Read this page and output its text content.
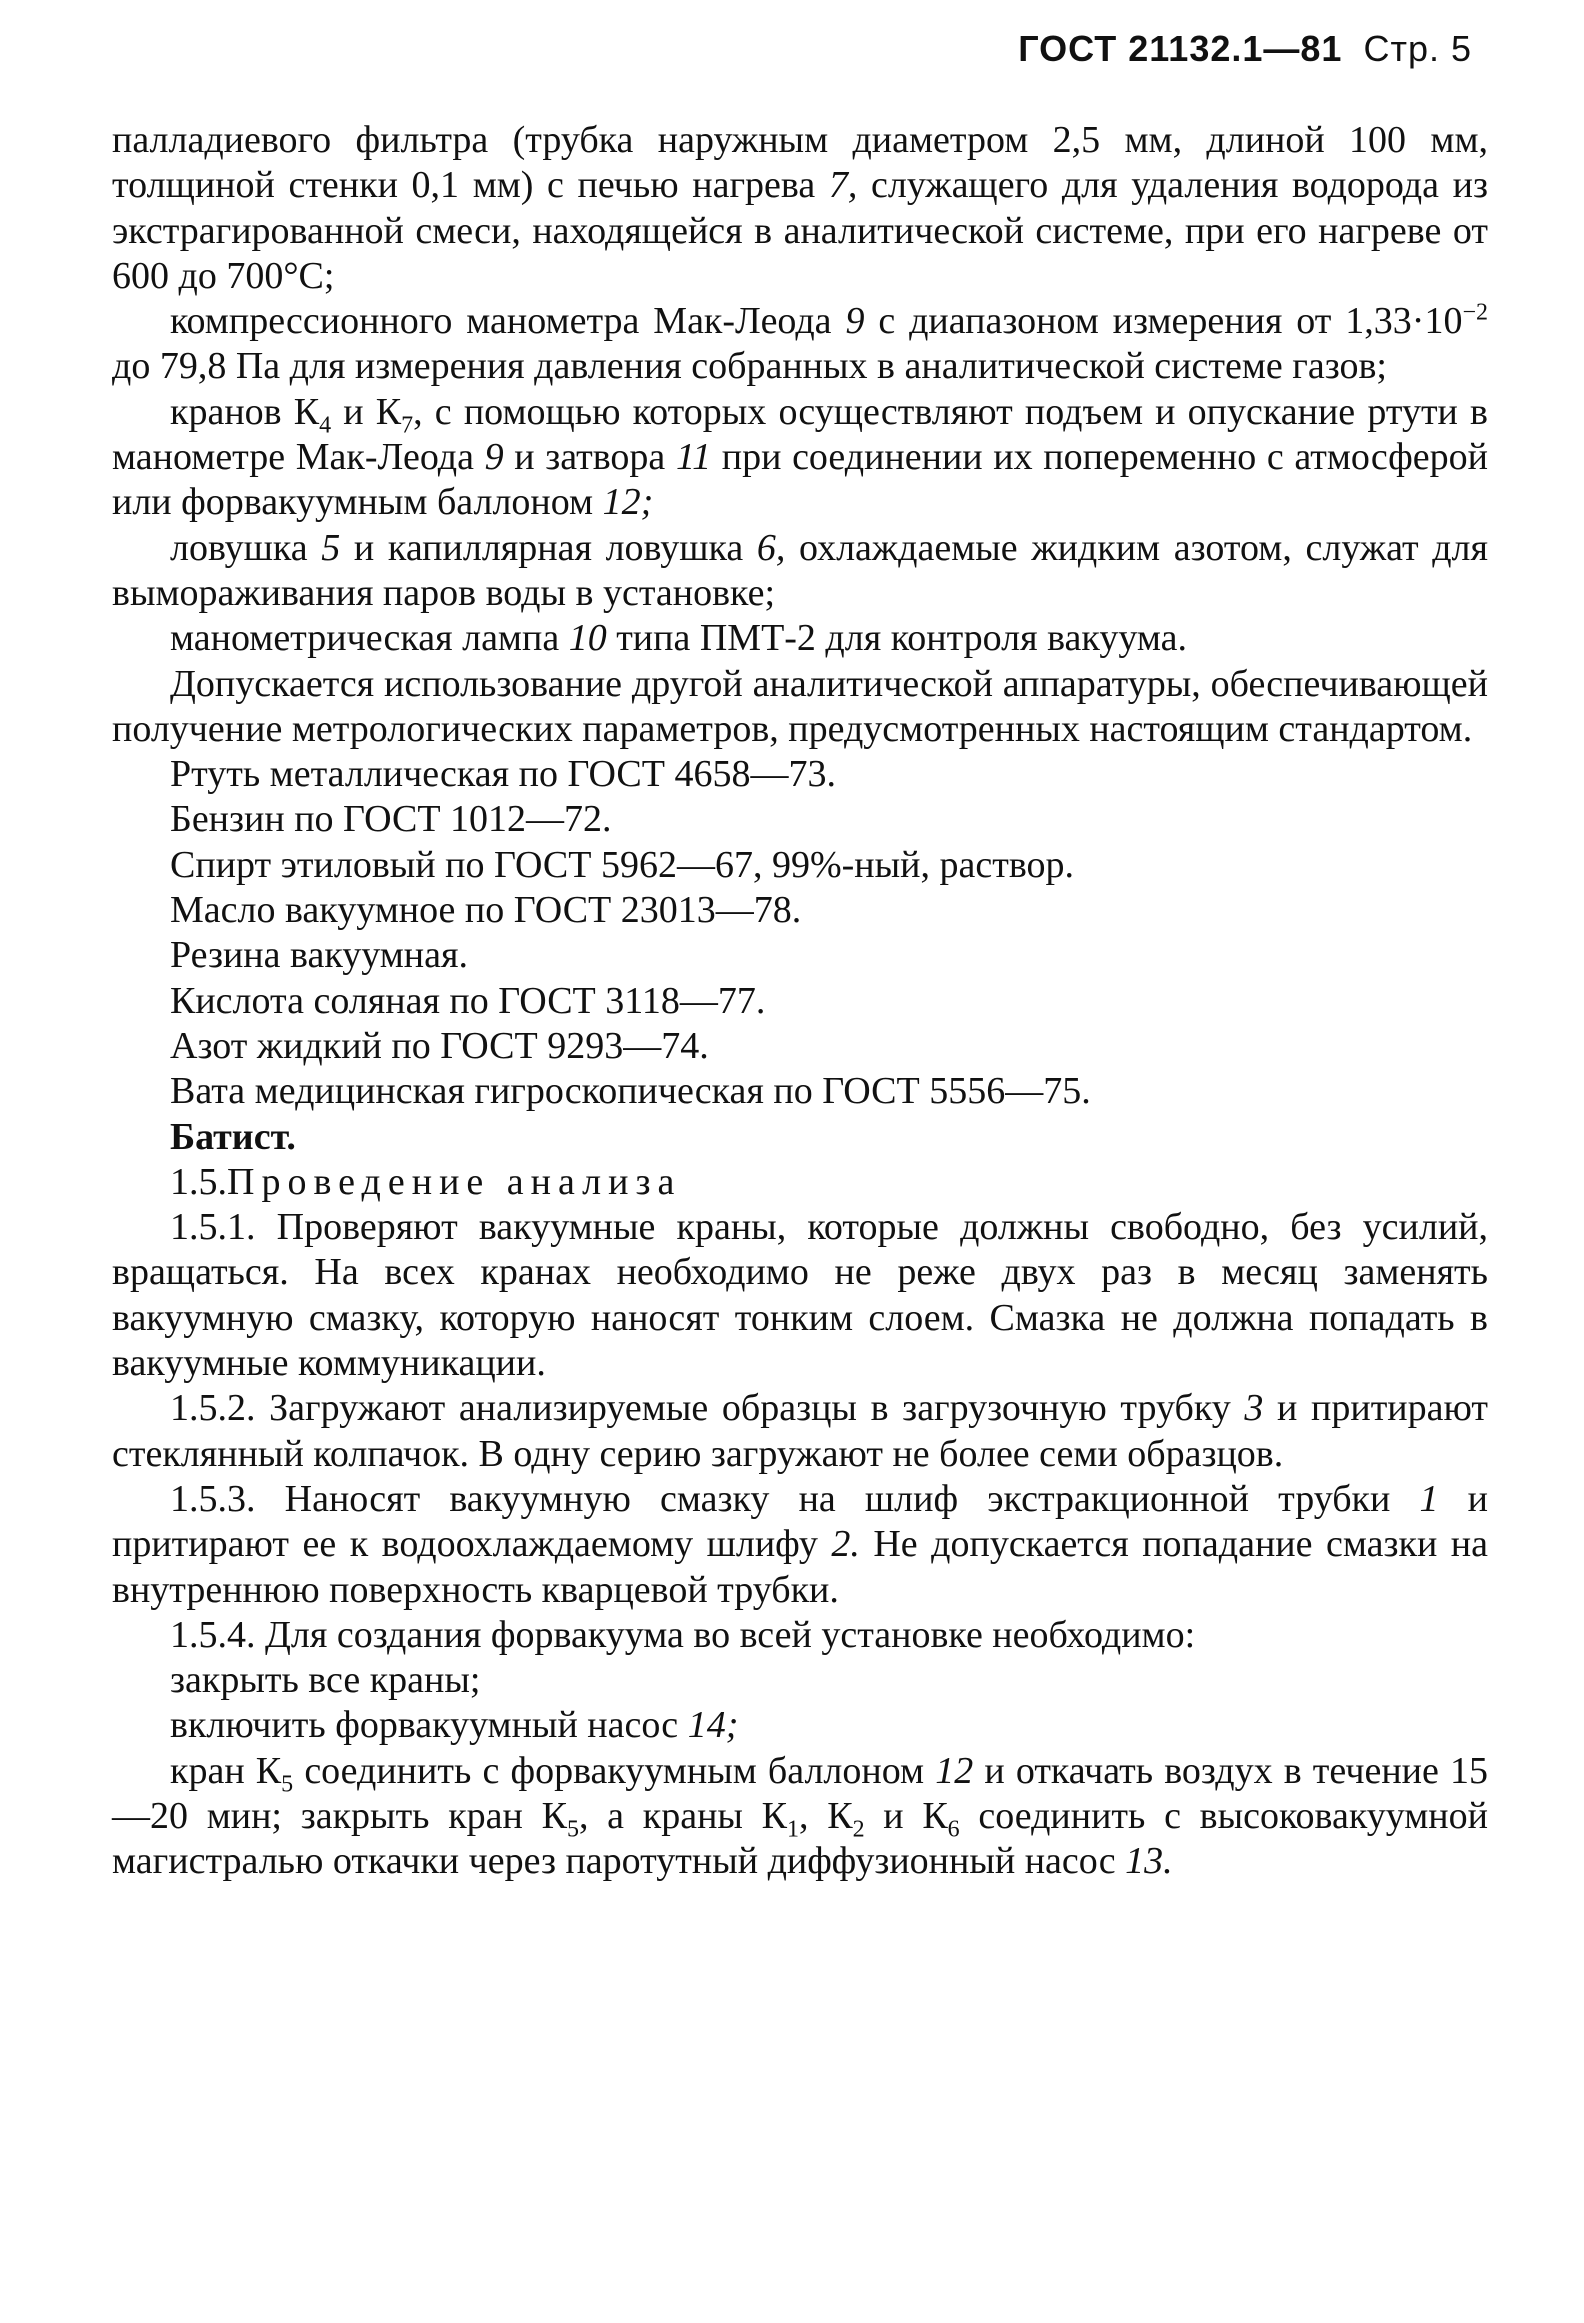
ГОСТ 21132.1—81 Стр. 5

палладиевого фильтра (трубка наружным диаметром 2,5 мм, длиной 100 мм, толщиной стенки 0,1 мм) с печью нагрева 7, служащего для удаления водорода из экстрагированной смеси, находящейся в аналитической системе, при его нагреве от 600 до 700°С;

компрессионного манометра Мак-Леода 9 с диапазоном измерения от $1,33\cdot 10^{-2}$ до 79,8 Па для измерения давления собранных в аналитической системе газов;

кранов $К_4$ и $К_7$, с помощью которых осуществляют подъем и опускание ртути в манометре Мак-Леода 9 и затвора 11 при соединении их попеременно с атмосферой или форвакуумным баллоном 12;

ловушка 5 и капиллярная ловушка 6, охлаждаемые жидким азотом, служат для вымораживания паров воды в установке;

манометрическая лампа 10 типа ПМТ-2 для контроля вакуума.

Допускается использование другой аналитической аппаратуры, обеспечивающей получение метрологических параметров, предусмотренных настоящим стандартом.

Ртуть металлическая по ГОСТ 4658—73.

Бензин по ГОСТ 1012—72.

Спирт этиловый по ГОСТ 5962—67, 99%-ный, раствор.

Масло вакуумное по ГОСТ 23013—78.

Резина вакуумная.

Кислота соляная по ГОСТ 3118—77.

Азот жидкий по ГОСТ 9293—74.

Вата медицинская гигроскопическая по ГОСТ 5556—75.

Батист.

1.5.Проведение анализа

1.5.1. Проверяют вакуумные краны, которые должны свободно, без усилий, вращаться. На всех кранах необходимо не реже двух раз в месяц заменять вакуумную смазку, которую наносят тонким слоем. Смазка не должна попадать в вакуумные коммуникации.

1.5.2. Загружают анализируемые образцы в загрузочную трубку 3 и притирают стеклянный колпачок. В одну серию загружают не более семи образцов.

1.5.3. Наносят вакуумную смазку на шлиф экстракционной трубки 1 и притирают ее к водоохлаждаемому шлифу 2. Не допускается попадание смазки на внутреннюю поверхность кварцевой трубки.

1.5.4. Для создания форвакуума во всей установке необходимо:

закрыть все краны;

включить форвакуумный насос 14;

кран $К_5$ соединить с форвакуумным баллоном 12 и откачать воздух в течение 15—20 мин; закрыть кран $К_5$, а краны $К_1$, $К_2$ и $К_6$ соединить с высоковакуумной магистралью откачки через паротутный диффузионный насос 13.
